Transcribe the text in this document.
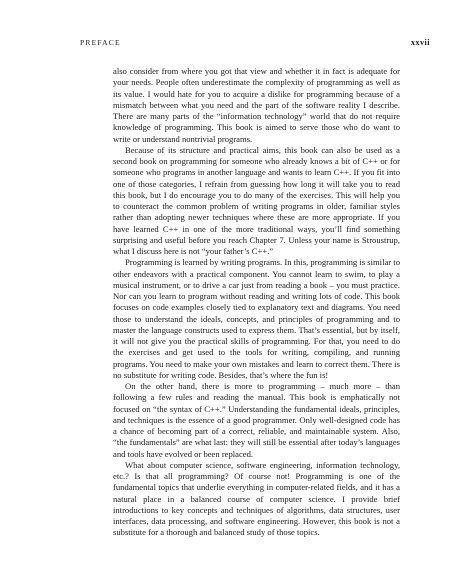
PREFACE	xxvii

also consider from where you got that view and whether it in fact is adequate for your needs. People often underestimate the complexity of programming as well as its value. I would hate for you to acquire a dislike for programming because of a mismatch between what you need and the part of the software reality I describe. There are many parts of the “information technology” world that do not require knowledge of programming. This book is aimed to serve those who do want to write or understand nontrivial programs.

Because of its structure and practical aims, this book can also be used as a second book on programming for someone who already knows a bit of C++ or for someone who programs in another language and wants to learn C++. If you fit into one of those categories, I refrain from guessing how long it will take you to read this book, but I do encourage you to do many of the exercises. This will help you to counteract the common problem of writing programs in older, familiar styles rather than adopting newer techniques where these are more appropriate. If you have learned C++ in one of the more traditional ways, you’ll find something surprising and useful before you reach Chapter 7. Unless your name is Stroustrup, what I discuss here is not “your father’s C++.”

Programming is learned by writing programs. In this, programming is similar to other endeavors with a practical component. You cannot learn to swim, to play a musical instrument, or to drive a car just from reading a book – you must practice. Nor can you learn to program without reading and writing lots of code. This book focuses on code examples closely tied to explanatory text and diagrams. You need those to understand the ideals, concepts, and principles of programming and to master the language constructs used to express them. That’s essential, but by itself, it will not give you the practical skills of programming. For that, you need to do the exercises and get used to the tools for writing, compiling, and running programs. You need to make your own mistakes and learn to correct them. There is no substitute for writing code. Besides, that’s where the fun is!

On the other hand, there is more to programming – much more – than following a few rules and reading the manual. This book is emphatically not focused on “the syntax of C++.” Understanding the fundamental ideals, principles, and techniques is the essence of a good programmer. Only well-designed code has a chance of becoming part of a correct, reliable, and maintainable system. Also, “the fundamentals” are what last: they will still be essential after today’s languages and tools have evolved or been replaced.

What about computer science, software engineering, information technology, etc.? Is that all programming? Of course not! Programming is one of the fundamental topics that underlie everything in computer-related fields, and it has a natural place in a balanced course of computer science. I provide brief introductions to key concepts and techniques of algorithms, data structures, user interfaces, data processing, and software engineering. However, this book is not a substitute for a thorough and balanced study of those topics.
